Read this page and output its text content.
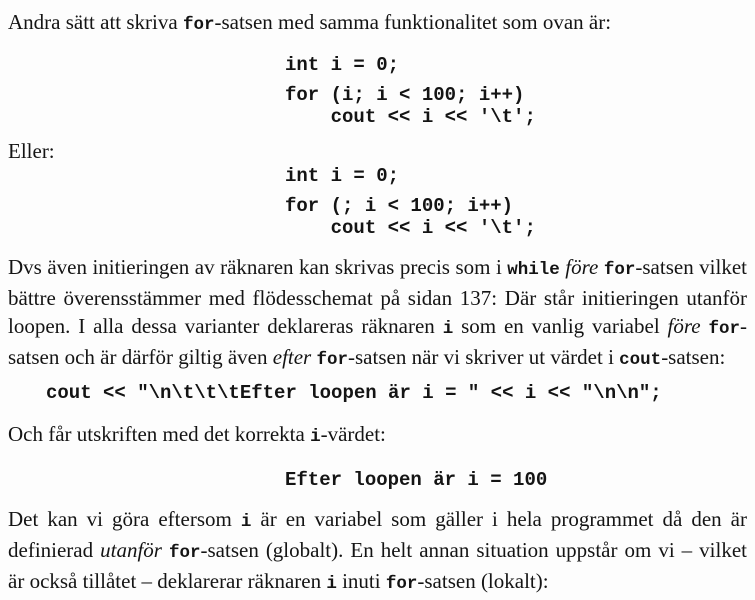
Andra sätt att skriva for-satsen med samma funktionalitet som ovan är:

int i = 0;
for (i; i < 100; i++)
cout << i << '\t';

Eller:

int i = 0;
for (; i < 100; i++)
cout << i << '\t';

Dvs även initieringen av räknaren kan skrivas precis som i while före for-satsen vilket bättre överensstämmer med flödesschemat på sidan 137: Där står initieringen utanför loopen. I alla dessa varianter deklareras räknaren i som en vanlig variabel före for-satsen och är därför giltig även efter for-satsen när vi skriver ut värdet i cout-satsen:

cout << "\n\t\t\tEfter loopen är i = " << i << "\n\n";

Och får utskriften med det korrekta i-värdet:

Efter loopen är i = 100

Det kan vi göra eftersom i är en variabel som gäller i hela programmet då den är definierad utanför for-satsen (globalt). En helt annan situation uppstår om vi – vilket är också tillåtet – deklarerar räknaren i inuti for-satsen (lokalt):
